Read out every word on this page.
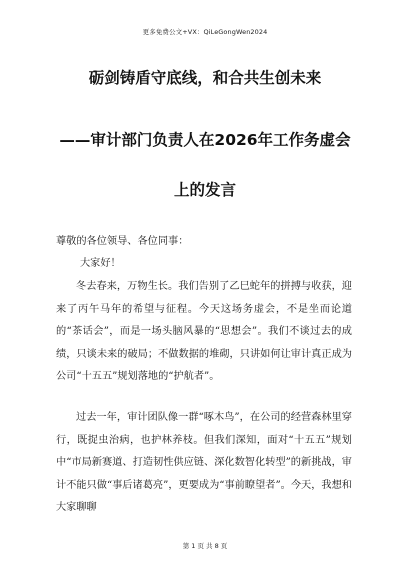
更多免费公文+VX：QiLeGongWen2024
砺剑铸盾守底线，和合共生创未来
——审计部门负责人在2026年工作务虚会
上的发言
尊敬的各位领导、各位同事：
大家好！
冬去春来，万物生长。我们告别了乙巳蛇年的拼搏与收获，迎来了丙午马年的希望与征程。今天这场务虚会，不是坐而论道的“茶话会”，而是一场头脑风暴的“思想会”。我们不谈过去的成绩，只谈未来的破局；不做数据的堆砌，只讲如何让审计真正成为公司“十五五”规划落地的“护航者”。
过去一年，审计团队像一群“啄木鸟”，在公司的经营森林里穿行，既捉虫治病，也护林养枝。但我们深知，面对“十五五”规划中“市局新赛道、打造韧性供应链、深化数智化转型”的新挑战，审计不能只做“事后诸葛亮”，更要成为“事前瞭望者”。今天，我想和大家聊聊
第 1 页 共 8 页
